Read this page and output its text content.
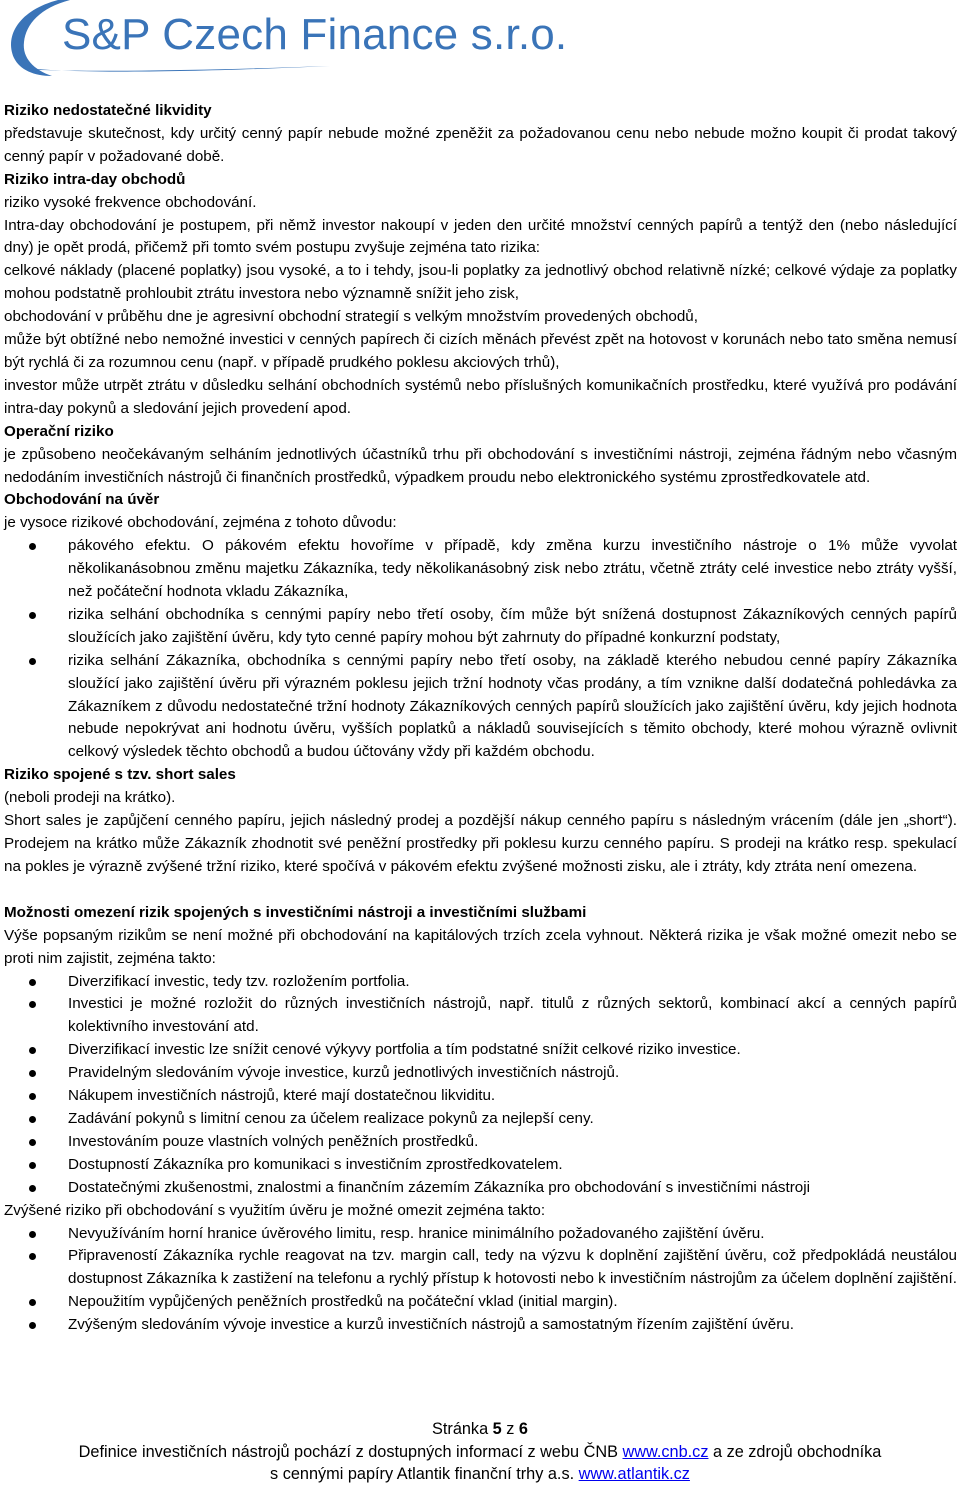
S&P Czech Finance s.r.o.

Riziko nedostatečné likvidity

představuje skutečnost, kdy určitý cenný papír nebude možné zpeněžit za požadovanou cenu nebo nebude možno koupit či prodat takový cenný papír v požadované době.

Riziko intra-day obchodů

riziko vysoké frekvence obchodování.

Intra-day obchodování je postupem, při němž investor nakoupí v jeden den určité množství cenných papírů a tentýž den (nebo následující dny) je opět prodá, přičemž při tomto svém postupu zvyšuje zejména tato rizika:

celkové náklady (placené poplatky) jsou vysoké, a to i tehdy, jsou-li poplatky za jednotlivý obchod relativně nízké; celkové výdaje za poplatky mohou podstatně prohloubit ztrátu investora nebo významně snížit jeho zisk,

obchodování v průběhu dne je agresivní obchodní strategií s velkým množstvím provedených obchodů,

může být obtížné nebo nemožné investici v cenných papírech či cizích měnách převést zpět na hotovost v korunách nebo tato směna nemusí být rychlá či za rozumnou cenu (např. v případě prudkého poklesu akciových trhů),

investor může utrpět ztrátu v důsledku selhání obchodních systémů nebo příslušných komunikačních prostředku, které využívá pro podávání intra-day pokynů a sledování jejich provedení apod.

Operační riziko

je způsobeno neočekávaným selháním jednotlivých účastníků trhu při obchodování s investičními nástroji, zejména řádným nebo včasným nedodáním investičních nástrojů či finančních prostředků, výpadkem proudu nebo elektronického systému zprostředkovatele atd.

Obchodování na úvěr

je vysoce rizikové obchodování, zejména z tohoto důvodu:

pákového efektu. O pákovém efektu hovoříme v případě, kdy změna kurzu investičního nástroje o 1% může vyvolat několikanásobnou změnu majetku Zákazníka, tedy několikanásobný zisk nebo ztrátu, včetně ztráty celé investice nebo ztráty vyšší, než počáteční hodnota vkladu Zákazníka,
rizika selhání obchodníka s cennými papíry nebo třetí osoby, čím může být snížená dostupnost Zákazníkových cenných papírů sloužících jako zajištění úvěru, kdy tyto cenné papíry mohou být zahrnuty do případné konkurzní podstaty,
rizika selhání Zákazníka, obchodníka s cennými papíry nebo třetí osoby, na základě kterého nebudou cenné papíry Zákazníka sloužící jako zajištění úvěru při výrazném poklesu jejich tržní hodnoty včas prodány, a tím vznikne další dodatečná pohledávka za Zákazníkem z důvodu nedostatečné tržní hodnoty Zákazníkových cenných papírů sloužících jako zajištění úvěru, kdy jejich hodnota nebude nepokrývat ani hodnotu úvěru, vyšších poplatků a nákladů souvisejících s těmito obchody, které mohou výrazně ovlivnit celkový výsledek těchto obchodů a budou účtovány vždy při každém obchodu.

Riziko spojené s tzv. short sales

(neboli prodeji na krátko).

Short sales je zapůjčení cenného papíru, jejich následný prodej a pozdější nákup cenného papíru s následným vrácením (dále jen „short“). Prodejem na krátko může Zákazník zhodnotit své peněžní prostředky při poklesu kurzu cenného papíru. S prodeji na krátko resp. spekulací na pokles je výrazně zvýšené tržní riziko, které spočívá v pákovém efektu zvýšené možnosti zisku, ale i ztráty, kdy ztráta není omezena.

Možnosti omezení rizik spojených s investičními nástroji a investičními službami

Výše popsaným rizikům se není možné při obchodování na kapitálových trzích zcela vyhnout. Některá rizika je však možné omezit nebo se proti nim zajistit, zejména takto:

Diverzifikací investic, tedy tzv. rozložením portfolia.
Investici je možné rozložit do různých investičních nástrojů, např. titulů z různých sektorů, kombinací akcí a cenných papírů kolektivního investování atd.
Diverzifikací investic lze snížit cenové výkyvy portfolia a tím podstatné snížit celkové riziko investice.
Pravidelným sledováním vývoje investice, kurzů jednotlivých investičních nástrojů.
Nákupem investičních nástrojů, které mají dostatečnou likviditu.
Zadávání pokynů s limitní cenou za účelem realizace pokynů za nejlepší ceny.
Investováním pouze vlastních volných peněžních prostředků.
Dostupností Zákazníka pro komunikaci s investičním zprostředkovatelem.
Dostatečnými zkušenostmi, znalostmi a finančním zázemím Zákazníka pro obchodování s investičními nástroji

Zvýšené riziko při obchodování s využitím úvěru je možné omezit zejména takto:

Nevyužíváním horní hranice úvěrového limitu, resp. hranice minimálního požadovaného zajištění úvěru.
Připraveností Zákazníka rychle reagovat na tzv. margin call, tedy na výzvu k doplnění zajištění úvěru, což předpokládá neustálou dostupnost Zákazníka k zastižení na telefonu a rychlý přístup k hotovosti nebo k investičním nástrojům za účelem doplnění zajištění.
Nepoužitím vypůjčených peněžních prostředků na počáteční vklad (initial margin).
Zvýšeným sledováním vývoje investice a kurzů investičních nástrojů a samostatným řízením zajištění úvěru.
Stránka 5 z 6
Definice investičních nástrojů pochází z dostupných informací z webu ČNB www.cnb.cz a ze zdrojů obchodníka
s cennými papíry Atlantik finanční trhy a.s. www.atlantik.cz
